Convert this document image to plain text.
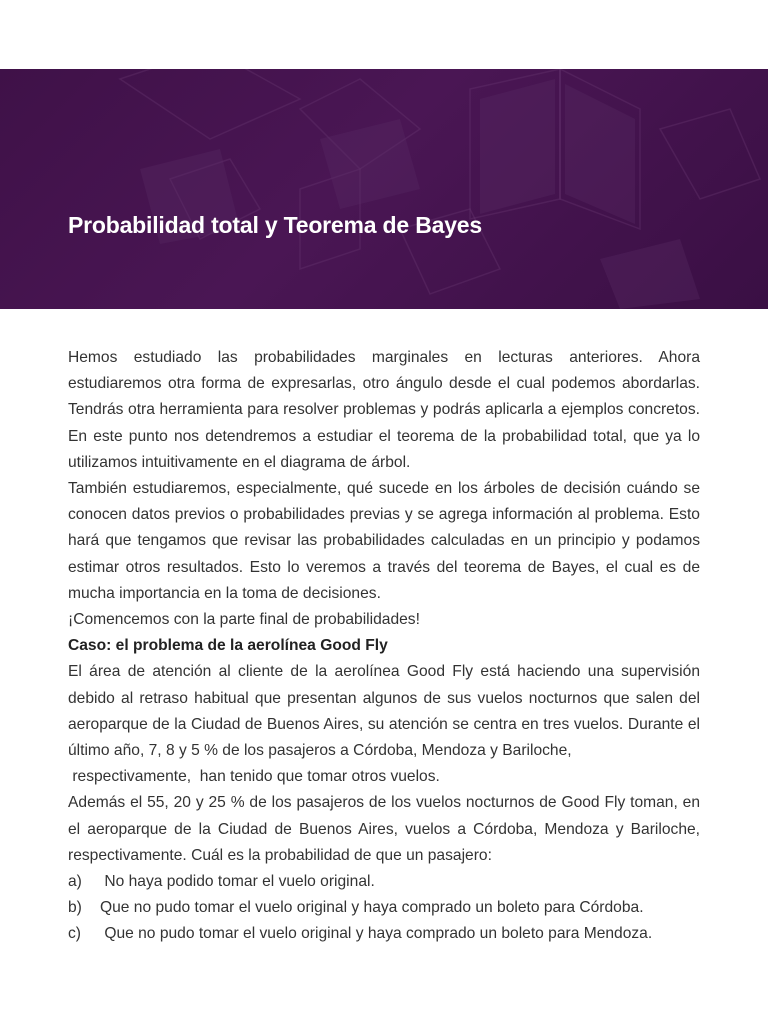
Probabilidad total y Teorema de Bayes

Hemos estudiado las probabilidades marginales en lecturas anteriores. Ahora estudiaremos otra forma de expresarlas, otro ángulo desde el cual podemos abordarlas. Tendrás otra herramienta para resolver problemas y podrás aplicarla a ejemplos concretos. En este punto nos detendremos a estudiar el teorema de la probabilidad total, que ya lo utilizamos intuitivamente en el diagrama de árbol.

También estudiaremos, especialmente, qué sucede en los árboles de decisión cuándo se conocen datos previos o probabilidades previas y se agrega información al problema. Esto hará que tengamos que revisar las probabilidades calculadas en un principio y podamos estimar otros resultados. Esto lo veremos a través del teorema de Bayes, el cual es de mucha importancia en la toma de decisiones.

¡Comencemos con la parte final de probabilidades!

Caso: el problema de la aerolínea Good Fly

El área de atención al cliente de la aerolínea Good Fly está haciendo una supervisión debido al retraso habitual que presentan algunos de sus vuelos nocturnos que salen del aeroparque de la Ciudad de Buenos Aires, su atención se centra en tres vuelos. Durante el último año, 7, 8 y 5 % de los pasajeros a Córdoba, Mendoza y Bariloche,

respectivamente,  han tenido que tomar otros vuelos.

Además el 55, 20 y 25 % de los pasajeros de los vuelos nocturnos de Good Fly toman, en el aeroparque de la Ciudad de Buenos Aires, vuelos a Córdoba, Mendoza y Bariloche, respectivamente. Cuál es la probabilidad de que un pasajero:

a)	No haya podido tomar el vuelo original.
b)	Que no pudo tomar el vuelo original y haya comprado un boleto para Córdoba.
c)	Que no pudo tomar el vuelo original y haya comprado un boleto para Mendoza.
